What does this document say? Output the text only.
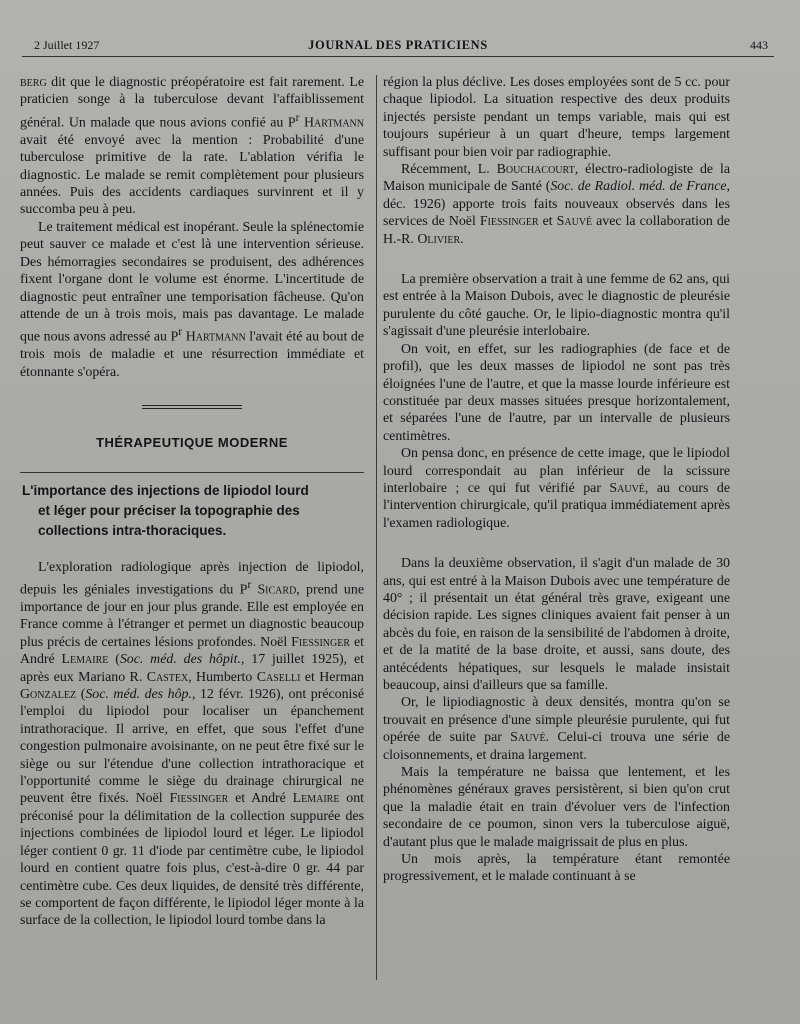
2 Juillet 1927	JOURNAL DES PRATICIENS	443

berg dit que le diagnostic préopératoire est fait rarement. Le praticien songe à la tuberculose devant l'affaiblissement général. Un malade que nous avions confié au $P^r$ Hartmann avait été envoyé avec la mention : Probabilité d'une tuberculose primitive de la rate. L'ablation vérifia le diagnostic. Le malade se remit complètement pour plusieurs années. Puis des accidents cardiaques survinrent et il y succomba peu à peu.

Le traitement médical est inopérant. Seule la splénectomie peut sauver ce malade et c'est là une intervention sérieuse. Des hémorragies secondaires se produisent, des adhérences fixent l'organe dont le volume est énorme. L'incertitude de diagnostic peut entraîner une temporisation fâcheuse. Qu'on attende de un à trois mois, mais pas davantage. Le malade que nous avons adressé au $P^r$ Hartmann l'avait été au bout de trois mois de maladie et une résurrection immédiate et étonnante s'opéra.

THÉRAPEUTIQUE MODERNE
L'importance des injections de lipiodol lourd
et léger pour préciser la topographie des
collections intra-thoraciques.

L'exploration radiologique après injection de lipiodol, depuis les géniales investigations du $P^r$ Sicard, prend une importance de jour en jour plus grande. Elle est employée en France comme à l'étranger et permet un diagnostic beaucoup plus précis de certaines lésions profondes. Noël Fiessinger et André Lemaire (Soc. méd. des hôpit., 17 juillet 1925), et après eux Mariano R. Castex, Humberto Caselli et Herman Gonzalez (Soc. méd. des hôp., 12 févr. 1926), ont préconisé l'emploi du lipiodol pour localiser un épanchement intrathoracique. Il arrive, en effet, que sous l'effet d'une congestion pulmonaire avoisinante, on ne peut être fixé sur le siège ou sur l'étendue d'une collection intrathoracique et l'opportunité comme le siège du drainage chirurgical ne peuvent être fixés. Noël Fiessinger et André Lemaire ont préconisé pour la délimitation de la collection suppurée des injections combinées de lipiodol lourd et léger. Le lipiodol léger contient 0 gr. 11 d'iode par centimètre cube, le lipiodol lourd en contient quatre fois plus, c'est-à-dire 0 gr. 44 par centimètre cube. Ces deux liquides, de densité très différente, se comportent de façon différente, le lipiodol léger monte à la surface de la collection, le lipiodol lourd tombe dans la

région la plus déclive. Les doses employées sont de 5 cc. pour chaque lipiodol. La situation respective des deux produits injectés persiste pendant un temps variable, mais qui est toujours supérieur à un quart d'heure, temps largement suffisant pour bien voir par radiographie.

Récemment, L. Bouchacourt, électro-radiologiste de la Maison municipale de Santé (Soc. de Radiol. méd. de France, déc. 1926) apporte trois faits nouveaux observés dans les services de Noël Fiessinger et Sauvé avec la collaboration de H.-R. Olivier.

La première observation a trait à une femme de 62 ans, qui est entrée à la Maison Dubois, avec le diagnostic de pleurésie purulente du côté gauche. Or, le lipio-diagnostic montra qu'il s'agissait d'une pleurésie interlobaire.

On voit, en effet, sur les radiographies (de face et de profil), que les deux masses de lipiodol ne sont pas très éloignées l'une de l'autre, et que la masse lourde inférieure est constituée par deux masses situées presque horizontalement, et séparées l'une de l'autre, par un intervalle de plusieurs centimètres.

On pensa donc, en présence de cette image, que le lipiodol lourd correspondait au plan inférieur de la scissure interlobaire ; ce qui fut vérifié par Sauvé, au cours de l'intervention chirurgicale, qu'il pratiqua immédiatement après l'examen radiologique.

Dans la deuxième observation, il s'agit d'un malade de 30 ans, qui est entré à la Maison Dubois avec une température de 40° ; il présentait un état général très grave, exigeant une décision rapide. Les signes cliniques avaient fait penser à un abcès du foie, en raison de la sensibilité de l'abdomen à droite, et de la matité de la base droite, et aussi, sans doute, des antécédents hépatiques, sur lesquels le malade insistait beaucoup, ainsi d'ailleurs que sa famille.

Or, le lipiodiagnostic à deux densités, montra qu'on se trouvait en présence d'une simple pleurésie purulente, qui fut opérée de suite par Sauvé. Celui-ci trouva une série de cloisonnements, et draina largement.

Mais la température ne baissa que lentement, et les phénomènes généraux graves persistèrent, si bien qu'on crut que la maladie était en train d'évoluer vers de l'infection secondaire de ce poumon, sinon vers la tuberculose aiguë, d'autant plus que le malade maigrissait de plus en plus.

Un mois après, la température étant remontée progressivement, et le malade continuant à se
